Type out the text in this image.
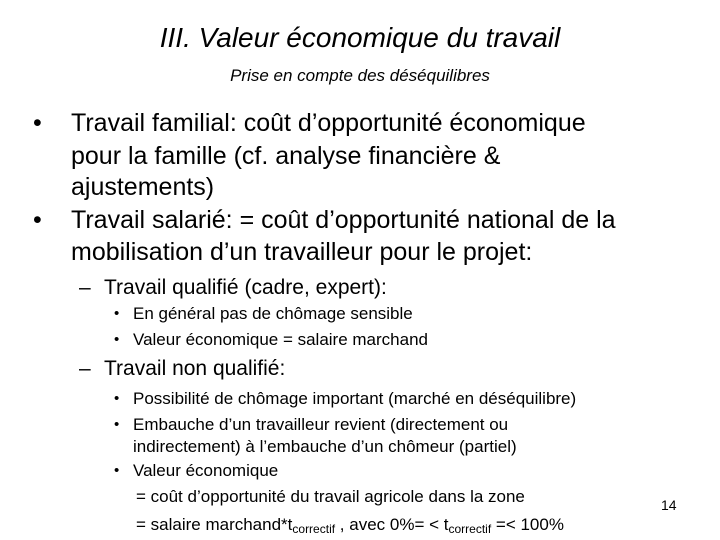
III. Valeur économique du travail
Prise en compte des déséquilibres
• Travail familial: coût d’opportunité économique
pour la famille (cf. analyse financière &
ajustements)
• Travail salarié: = coût d’opportunité national de la
mobilisation d’un travailleur pour le projet:
– Travail qualifié (cadre, expert):
• En général pas de chômage sensible
• Valeur économique = salaire marchand
– Travail non qualifié:
• Possibilité de chômage important (marché en déséquilibre)
• Embauche d’un travailleur revient (directement ou
indirectement) à l’embauche d’un chômeur (partiel)
• Valeur économique
= coût d’opportunité du travail agricole dans la zone
= salaire $marchand*t_{correctif}$ , avec $0\%= < t_{correctif} =< 100\%$
14
